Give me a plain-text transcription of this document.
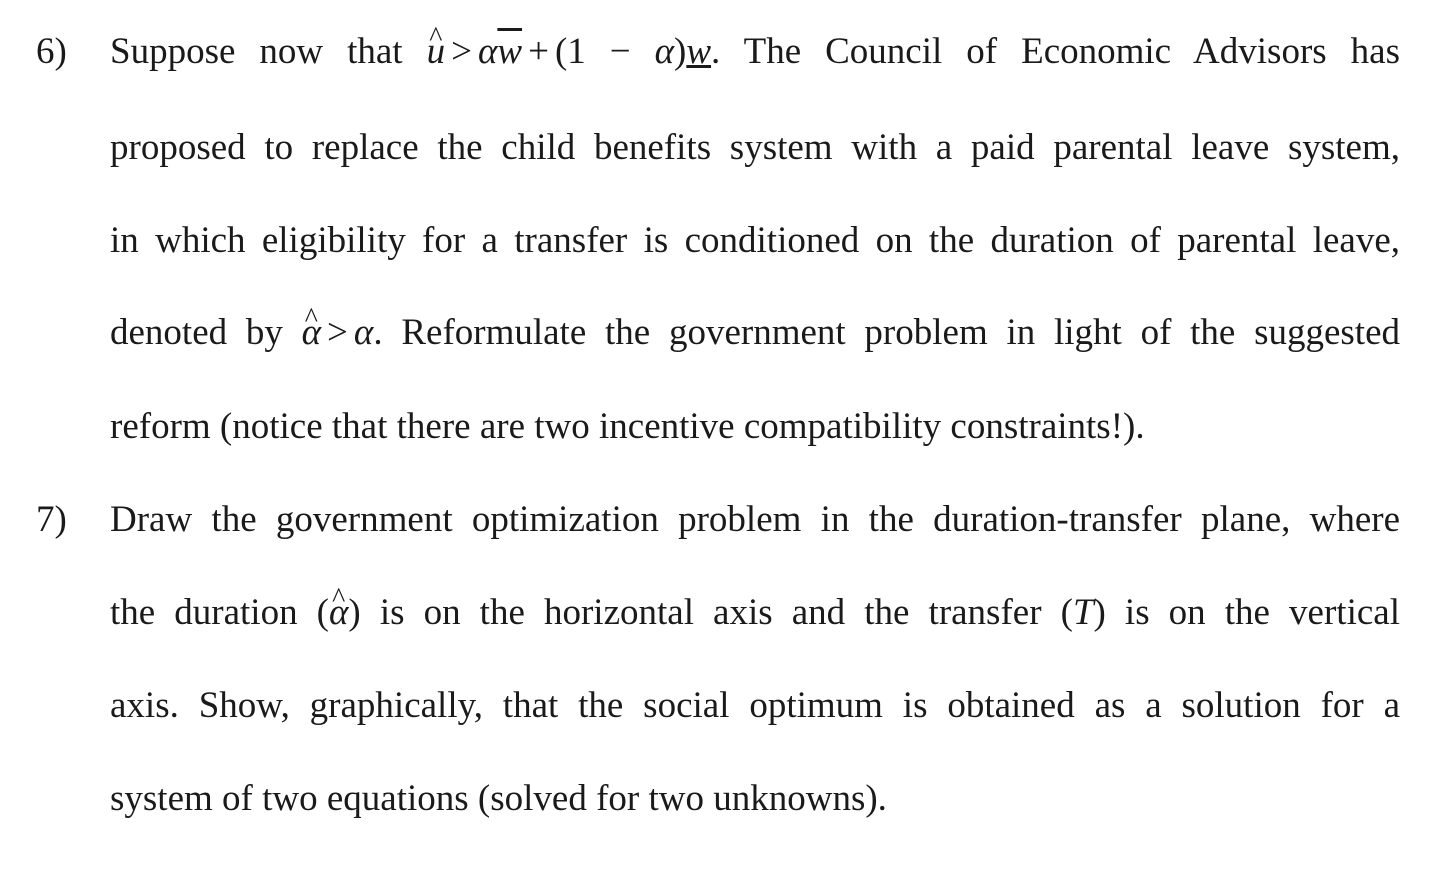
6) Suppose now that ^ $u > \alpha\overline{w} + (1 - \alpha)w$. The Council of Economic Advisors has
proposed to replace the child benefits system with a paid parental leave system,
in which eligibility for a transfer is conditioned on the duration of parental leave,
denoted by ^ α > α. Reformulate the government problem in light of the suggested
reform (notice that there are two incentive compatibility constraints!).
7) Draw the government optimization problem in the duration-transfer plane, where
the duration (^ α) is on the horizontal axis and the transfer (T) is on the vertical
axis. Show, graphically, that the social optimum is obtained as a solution for a
system of two equations (solved for two unknowns).
